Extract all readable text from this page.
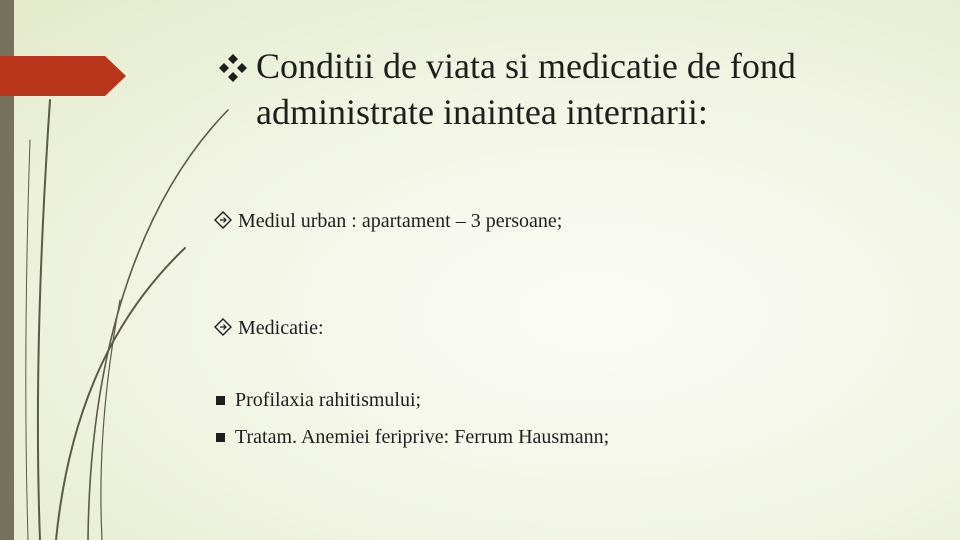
Conditii de viata si medicatie de fond administrate inaintea internarii:
Mediul urban : apartament – 3 persoane;
Medicatie:
Profilaxia rahitismului;
Tratam. Anemiei feriprive: Ferrum Hausmann;
